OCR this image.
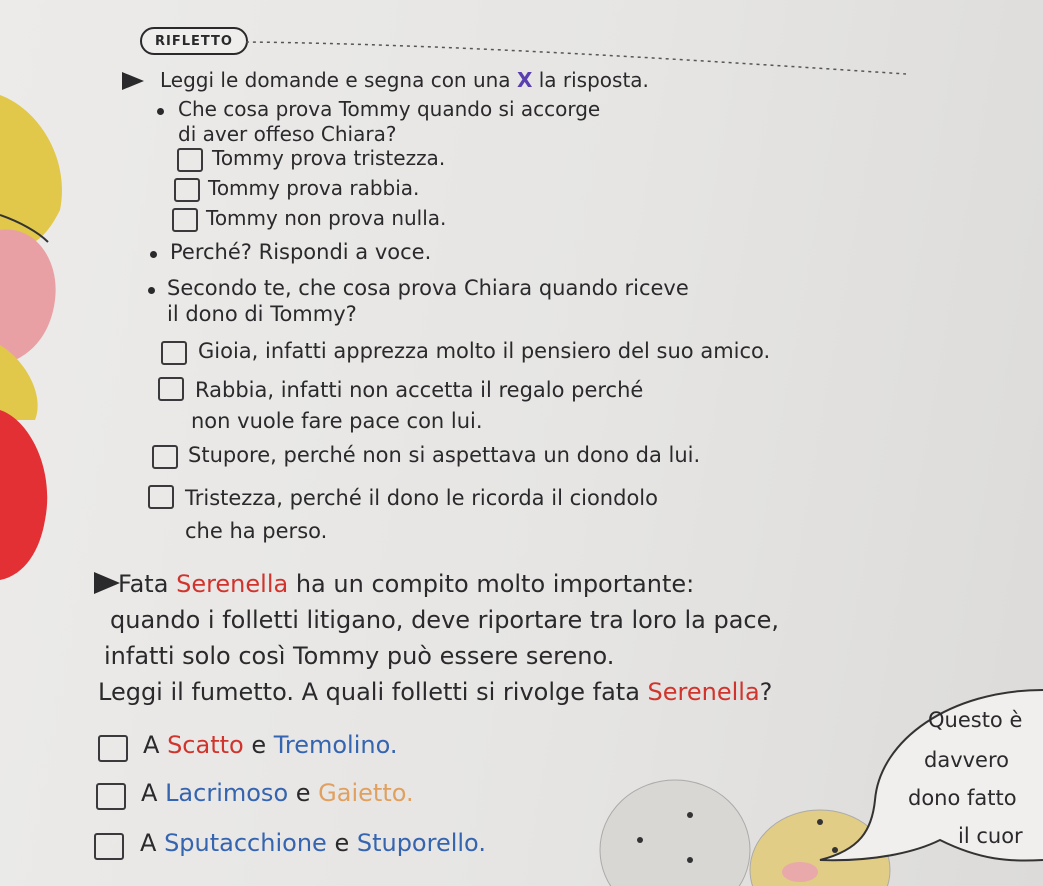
RIFLETTO
Leggi le domande e segna con una X la risposta.
Che cosa prova Tommy quando si accorge
di aver offeso Chiara?
Tommy prova tristezza.
Tommy prova rabbia.
Tommy non prova nulla.
Perché? Rispondi a voce.
Secondo te, che cosa prova Chiara quando riceve
il dono di Tommy?
Gioia, infatti apprezza molto il pensiero del suo amico.
Rabbia, infatti non accetta il regalo perché
non vuole fare pace con lui.
Stupore, perché non si aspettava un dono da lui.
Tristezza, perché il dono le ricorda il ciondolo
che ha perso.
Fata Serenella ha un compito molto importante:
quando i folletti litigano, deve riportare tra loro la pace,
infatti solo così Tommy può essere sereno.
Leggi il fumetto. A quali folletti si rivolge fata Serenella?
A Scatto e Tremolino.
A Lacrimoso e Gaietto.
A Sputacchione e Stuporello.
Questo è
davvero
dono fatto
il cuor
